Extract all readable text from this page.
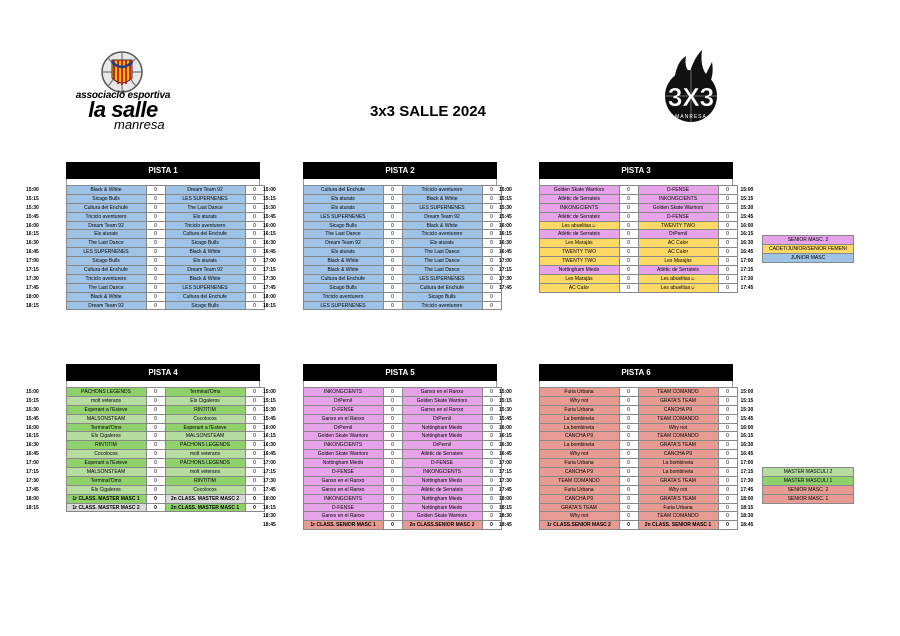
associació esportiva
la salle
manresa
3x3 SALLE 2024	3X3
MANRESA
PISTA 1
15:00	Black & White	0	Dream Team 92	0
15:15	Sicago Bulls	0	LES SUPERNENES	0
15:30	Cultura del Enchufe	0	The Last Dance	0
15:45	Triciclo aventurero	0	Els aturats	0
16:00	Dream Team 92	0	Triciclo aventurero	0
16:15	Els aturats	0	Cultura del Enchufe	0
16:30	The Last Dance	0	Sicago Bulls	0
16:45	LES SUPERNENES	0	Black & White	0
17:00	Sicago Bulls	0	Els aturats	0
17:15	Cultura del Enchufe	0	Dream Team 92	0
17:30	Triciclo aventurero	0	Black & White	0
17:45	The Last Dance	0	LES SUPERNENES	0
18:00	Black & White	0	Cultura del Enchufe	0
18:15	Dream Team 92	0	Sicago Bulls	0
PISTA 2
15:00	Cultura del Enchufe	0	Triciclo aventurero	0
15:15	Els aturats	0	Black & White	0
15:30	Els aturats	0	LES SUPERNENES	0
15:45	LES SUPERNENES	0	Dream Team 92	0
16:00	Sicago Bulls	0	Black & White	0
16:15	The Last Dance	0	Triciclo aventurero	0
16:30	Dream Team 92	0	Els aturats	0
16:45	Els aturats	0	The Last Dance	0
17:00	Black & White	0	The Last Dance	0
17:15	Black & White	0	The Last Dance	0
17:30	Cultura del Enchufe	0	LES SUPERNENES	0
17:45	Sicago Bulls	0	Cultura del Enchufe	0
18:00	Triciclo aventurero	0	Sicago Bulls	0
18:15	LES SUPERNENES	0	Triciclo aventurero	0
PISTA 3
15:00	Golden Skate Warriors	0	D-FENSE	0	15:00
15:15	Atlètic de Serrateix	0	INKONGCIENTS	0	15:15
15:30	INKONGCIENTS	0	Golden Skate Warriors	0	15:30
15:45	Atlètic de Serrateix	0	D-FENSE	0	15:45
16:00	Les abuelitas☺	0	TWENTY TWO	0	16:00
16:15	Atlètic de Serrateix	0	DrPernil	0	16:15
16:30	Les Marajàs	0	AC Calor	0	16:30
16:45	TWENTY TWO	0	AC Calor	0	16:45
17:00	TWENTY TWO	0	Les Marajàs	0	17:00
17:15	Nottingham Miedo	0	Atlètic de Serrateix	0	17:15
17:30	Les Marajàs	0	Les abuelitas☺	0	17:30
17:45	AC Calor	0	Les abuelitas☺	0	17:45
PISTA 4
15:00	PÀCHONS LEGENDS	0	Terminat'Oms	0
15:15	molt veterans	0	Els Cigaleros	0
15:30	Esperant a l'Esteve	0	RINTITIM	0
15:45	MALSONSTEAM	0	Cocolocos	0
16:00	Terminat'Oms	0	Esperant a l'Esteve	0
16:15	Els Cigaleros	0	MALSONSTEAM	0
16:30	RINTITIM	0	PÀCHONS LEGENDS	0
16:45	Cocolocos	0	molt veterans	0
17:00	Esperant a l'Esteve	0	PÀCHONS LEGENDS	0
17:15	MALSONSTEAM	0	molt veterans	0
17:30	Terminat'Oms	0	RINTITIM	0
17:45	Els Cigaleros	0	Cocolocos	0
18:00	1r CLASS. MASTER MASC 1	0	2n CLASS. MASTER MASC 2	0
18:15	1r CLASS. MASTER MASC 2	0	2n CLASS. MASTER MASC 1	0
PISTA 5
15:00	INKONGCIENTS	0	Ganxo en el Ranxo	0
15:15	DrPernil	0	Golden Skate Warriors	0
15:30	D-FENSE	0	Ganxo en el Ranxo	0
15:45	Ganxo en el Ranxo	0	DrPernil	0
16:00	DrPernil	0	Nottingham Miedo	0
16:15	Golden Skate Warriors	0	Nottingham Miedo	0
16:30	INKONGCIENTS	0	DrPernil	0
16:45	Golden Skate Warriors	0	Atlètic de Serrateix	0
17:00	Nottingham Miedo	0	D-FENSE	0
17:15	D-FENSE	0	INKONGCIENTS	0
17:30	Ganxo en el Ranxo	0	Nottingham Miedo	0
17:45	Ganxo en el Ranxo	0	Atlètic de Serrateix	0
18:00	INKONGCIENTS	0	Nottingham Miedo	0
18:15	D-FENSE	0	Nottingham Miedo	0
18:30	Ganxo en el Ranxo	0	Golden Skate Warriors	0
18:45	1r CLASS. SENIOR MASC 1	0	2n CLASS.SENIOR MASC 2	0
PISTA 6
15:00	Furia Urbana	0	TEAM COMANDO	0	15:00
15:15	Why not	0	GRATA'S TEAM	0	15:15
15:30	Furia Urbana	0	CANCHA P9	0	15:30
15:45	La bombineta	0	TEAM COMANDO	0	15:45
16:00	La bombineta	0	Why not	0	16:00
16:15	CANCHA P9	0	TEAM COMANDO	0	16:15
16:30	La bombineta	0	GRATA'S TEAM	0	16:30
16:45	Why not	0	CANCHA P9	0	16:45
17:00	Furia Urbana	0	La bombineta	0	17:00
17:15	CANCHA P9	0	La bombineta	0	17:15
17:30	TEAM COMANDO	0	GRATA'S TEAM	0	17:30
17:45	Furia Urbana	0	Why not	0	17:45
18:00	CANCHA P9	0	GRATA'S TEAM	0	18:00
18:15	GRATA'S TEAM	0	Furia Urbana	0	18:15
18:30	Why not	0	TEAM COMANDO	0	18:30
18:45	1r CLASS.SENIOR MASC 2	0	2n CLASS. SENIOR MASC 1	0	18:45
SENIOR MASC. 2
CADET/JUNIOR/SENIOR FEMENI
JUNIOR MASC
MASTER MASCULI 2
MASTER MASCULI 1
SENIOR MASC. 2
SENIOR MASC. 1
